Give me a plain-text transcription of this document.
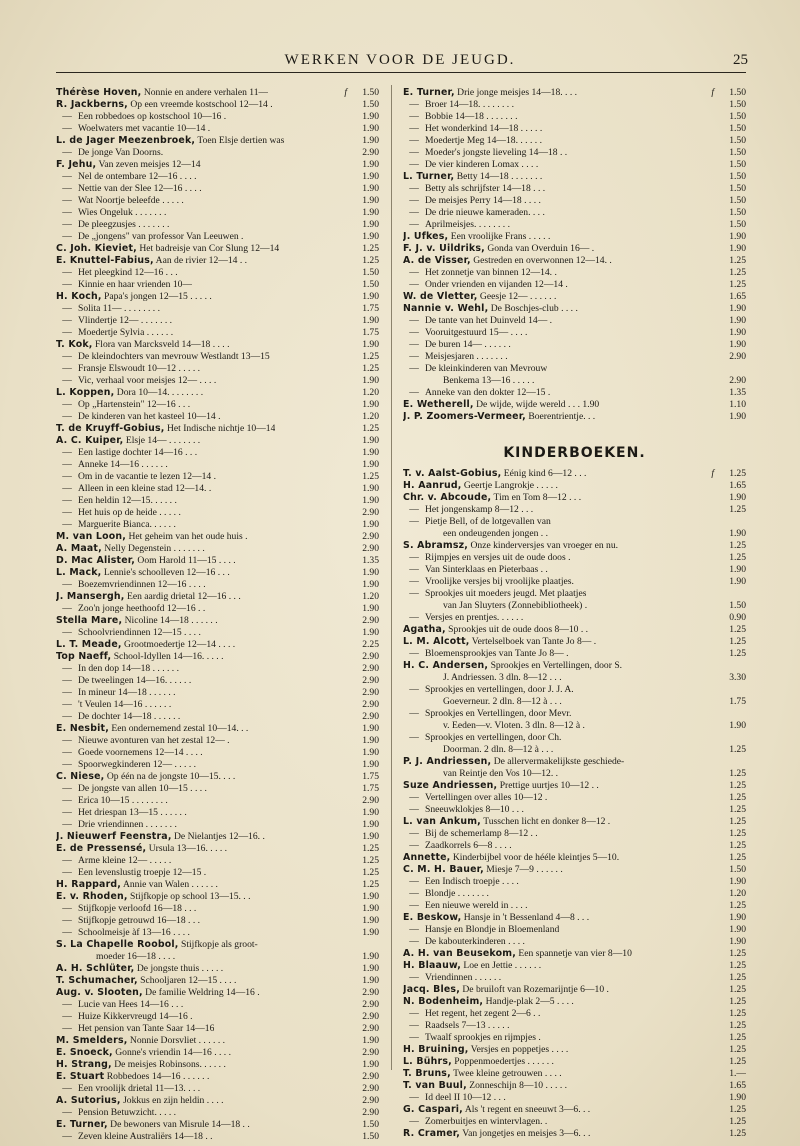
WERKEN VOOR DE JEUGD.	25
Thérèse Hoven, Nonnie en andere verhalen 11—	f	1.50
R. Jackberns, Op een vreemde kostschool 12—14 .	1.50
— Een robbedoes op kostschool 10—16 .	1.90
— Woelwaters met vacantie 10—14 .	1.90
L. de Jager Meezenbroek, Toen Elsje dertien was	1.90
— De jonge Van Doorns.	2.90
F. Jehu, Van zeven meisjes 12—14	1.90
— Nel de ontembare 12—16 . . . .	1.90
— Nettie van der Slee 12—16 . . . .	1.90
— Wat Noortje beleefde . . . . .	1.90
— Wies Ongeluk . . . . . . .	1.90
— De pleegzusjes . . . . . . .	1.90
— De „jongens" van professor Van Leeuwen .	1.90
C. Joh. Kieviet, Het badreisje van Cor Slung 12—14	1.25
E. Knuttel-Fabius, Aan de rivier 12—14 . .	1.25
— Het pleegkind 12—16 . . .	1.50
— Kinnie en haar vrienden 10—	1.50
H. Koch, Papa's jongen 12—15 . . . . .	1.90
— Solita 11— . . . . . . . .	1.75
— Vlindertje 12— . . . . . . .	1.90
— Moedertje Sylvia . . . . . .	1.75
T. Kok, Flora van Marcksveld 14—18 . . . .	1.90
— De kleindochters van mevrouw Westlandt 13—15	1.25
— Fransje Elswoudt 10—12 . . . . .	1.25
— Vic, verhaal voor meisjes 12— . . . .	1.90
L. Koppen, Dora 10—14. . . . . . . .	1.20
— Op „Hartenstein" 12—16 . . .	1.90
— De kinderen van het kasteel 10—14 .	1.20
T. de Kruyff-Gobius, Het Indische nichtje 10—14	1.25
A. C. Kuiper, Elsje 14— . . . . . . .	1.90
— Een lastige dochter 14—16 . . .	1.90
— Anneke 14—16 . . . . . .	1.90
— Om in de vacantie te lezen 12—14 .	1.25
— Alleen in een kleine stad 12—14. .	1.90
— Een heldin 12—15. . . . . .	1.90
— Het huis op de heide . . . . .	2.90
— Marguerite Bianca. . . . . .	1.90
M. van Loon, Het geheim van het oude huis .	2.90
A. Maat, Nelly Degenstein . . . . . . .	2.90
D. Mac Alister, Oom Harold 11—15 . . . .	1.35
L. Mack, Lennie's schoolleven 12—16 . . .	1.90
— Boezemvriendinnen 12—16 . . . .	1.90
J. Mansergh, Een aardig drietal 12—16 . . .	1.20
— Zoo'n jonge heethoofd 12—16 . .	1.90
Stella Mare, Nicoline 14—18 . . . . . .	2.90
— Schoolvriendinnen 12—15 . . . .	1.90
L. T. Meade, Grootmoedertje 12—14 . . . .	2.25
Top Naeff, School-Idyllen 14—16. . . . .	2.90
— In den dop 14—18 . . . . . .	2.90
— De tweelingen 14—16. . . . . .	2.90
— In mineur 14—18 . . . . . .	2.90
— 't Veulen 14—16 . . . . . .	2.90
— De dochter 14—18 . . . . . .	2.90
E. Nesbit, Een ondernemend zestal 10—14. . .	1.90
— Nieuwe avonturen van het zestal 12— .	1.90
— Goede voornemens 12—14 . . . .	1.90
— Spoorwegkinderen 12— . . . . .	1.90
C. Niese, Op één na de jongste 10—15. . . .	1.75
— De jongste van allen 10—15 . . . .	1.75
— Erica 10—15 . . . . . . . .	2.90
— Het driespan 13—15 . . . . . .	1.90
— Drie vriendinnen . . . . . . .	1.90
J. Nieuwerf Feenstra, De Nielantjes 12—16. .	1.90
E. de Pressensé, Ursula 13—16. . . . .	1.25
— Arme kleine 12— . . . . .	1.25
— Een levenslustig troepje 12—15 .	1.25
H. Rappard, Annie van Walen . . . . . .	1.25
E. v. Rhoden, Stijfkopje op school 13—15. . .	1.90
— Stijfkopje verloofd 16—18 . . .	1.90
— Stijfkopje getrouwd 16—18 . . .	1.90
— Schoolmeisje àf 13—16 . . . .	1.90
S. La Chapelle Roobol, Stijfkopje als groot-
moeder 16—18 . . . .	1.90
A. H. Schlüter, De jongste thuis . . . . .	1.90
T. Schumacher, Schooljaren 12—15 . . . .	1.90
Aug. v. Slooten, De familie Weldring 14—16 .	2.90
— Lucie van Hees 14—16 . . .	2.90
— Huize Kikkervreugd 14—16 .	2.90
— Het pension van Tante Saar 14—16	2.90
M. Smelders, Nonnie Dorsvliet . . . . . .	1.90
E. Snoeck, Gonne's vriendin 14—16 . . . .	2.90
H. Strang, De meisjes Robinsons. . . . . .	1.90
E. Stuart Robbedoes 14—16 . . . . . .	2.90
— Een vroolijk drietal 11—13. . . .	2.90
A. Sutorius, Jokkus en zijn heldin . . . .	2.90
— Pension Betuwzicht. . . . .	2.90
E. Turner, De bewoners van Misrule 14—18 . .	1.50
— Zeven kleine Australiërs 14—18 . .	1.50
E. Turner, Drie jonge meisjes 14—18. . . .	f	1.50
— Broer 14—18. . . . . . . .	1.50
— Bobbie 14—18 . . . . . . .	1.50
— Het wonderkind 14—18 . . . . .	1.50
— Moedertje Meg 14—18. . . . . .	1.50
— Moeder's jongste lieveling 14—18 . .	1.50
— De vier kinderen Lomax . . . .	1.50
L. Turner, Betty 14—18 . . . . . . .	1.50
— Betty als schrijfster 14—18 . . .	1.50
— De meisjes Perry 14—18 . . . .	1.50
— De drie nieuwe kameraden. . . .	1.50
— Aprilmeisjes. . . . . . . .	1.50
J. Ufkes, Een vroolijke Frans . . . . .	1.90
F. J. v. Uildriks, Gonda van Overduin 16— .	1.90
A. de Visser, Gestreden en overwonnen 12—14. .	1.25
— Het zonnetje van binnen 12—14. .	1.25
— Onder vrienden en vijanden 12—14 .	1.25
W. de Vletter, Geesje 12— . . . . . .	1.65
Nannie v. Wehl, De Boschjes-club . . . .	1.90
— De tante van het Duinveld 14— .	1.90
— Vooruitgestuurd 15— . . . .	1.90
— De buren 14— . . . . . .	1.90
— Meisjesjaren . . . . . . .	2.90
— De kleinkinderen van Mevrouw
Benkema 13—16 . . . . .	2.90
— Anneke van den dokter 12—15 .	1.35
E. Wetherell, De wijde, wijde wereld . . . 1.90	1.10
J. P. Zoomers-Vermeer, Boerentrientje. . .	1.90
KINDERBOEKEN.
T. v. Aalst-Gobius, Eénig kind 6—12 . . .	f	1.25
H. Aanrud, Geertje Langrokje . . . . .	1.65
Chr. v. Abcoude, Tim en Tom 8—12 . . .	1.90
— Het jongenskamp 8—12 . . .	1.25
— Pietje Bell, of de lotgevallen van
een ondeugenden jongen . .	1.90
S. Abramsz, Onze kinderversjes van vroeger en nu.	1.25
— Rijmpjes en versjes uit de oude doos .	1.25
— Van Sinterklaas en Pieterbaas . .	1.90
— Vroolijke versjes bij vroolijke plaatjes.	1.90
— Sprookjes uit moeders jeugd. Met plaatjes
van Jan Sluyters (Zonnebibliotheek) .	1.50
— Versjes en prentjes. . . . . .	0.90
Agatha, Sprookjes uit de oude doos 8—10 . .	1.25
L. M. Alcott, Vertelselboek van Tante Jo 8— .	1.25
— Bloemensprookjes van Tante Jo 8— .	1.25
H. C. Andersen, Sprookjes en Vertellingen, door S.
J. Andriessen. 3 dln. 8—12 . . .	3.30
— Sprookjes en vertellingen, door J. J. A.
Goeverneur. 2 dln. 8—12 à . . .	1.75
— Sprookjes en Vertellingen, door Mevr.
v. Eeden—v. Vloten. 3 dln. 8—12 à .	1.90
— Sprookjes en vertellingen, door Ch.
Doorman. 2 dln. 8—12 à . . .	1.25
P. J. Andriessen, De allervermakelijkste geschiede-
van Reintje den Vos 10—12. .	1.25
Suze Andriessen, Prettige uurtjes 10—12 . .	1.25
— Vertellingen over alles 10—12 .	1.25
— Sneeuwklokjes 8—10 . . .	1.25
L. van Ankum, Tusschen licht en donker 8—12 .	1.25
— Bij de schemerlamp 8—12 . .	1.25
— Zaadkorrels 6—8 . . . .	1.25
Annette, Kinderbijbel voor de hééle kleintjes 5—10.	1.25
C. M. H. Bauer, Miesje 7—9 . . . . . .	1.50
— Een Indisch troepje . . . .	1.90
— Blondje . . . . . . .	1.20
— Een nieuwe wereld in . . . .	1.25
E. Beskow, Hansje in 't Bessenland 4—8 . . .	1.90
— Hansje en Blondje in Bloemenland	1.90
— De kabouterkinderen . . . .	1.90
A. H. van Beusekom, Een spannetje van vier 8—10	1.25
H. Blaauw, Loe en Jettie . . . . . .	1.25
— Vriendinnen . . . . . .	1.25
Jacq. Bles, De bruiloft van Rozemarijntje 6—10 .	1.25
N. Bodenheim, Handje-plak 2—5 . . . .	1.25
— Het regent, het zegent 2—6 . .	1.25
— Raadsels 7—13 . . . . .	1.25
— Twaalf sprookjes en rijmpjes .	1.25
H. Bruining, Versjes en poppetjes . . . .	1.25
L. Bührs, Poppenmoedertjes . . . . . .	1.25
T. Bruns, Twee kleine getrouwen . . . .	1.—
T. van Buul, Zonneschijn 8—10 . . . . .	1.65
— Id deel II 10—12 . . .	1.90
G. Caspari, Als 't regent en sneeuwt 3—6. . .	1.25
— Zomerbuitjes en wintervlagen. .	1.25
R. Cramer, Van jongetjes en meisjes 3—6. . .	1.25
